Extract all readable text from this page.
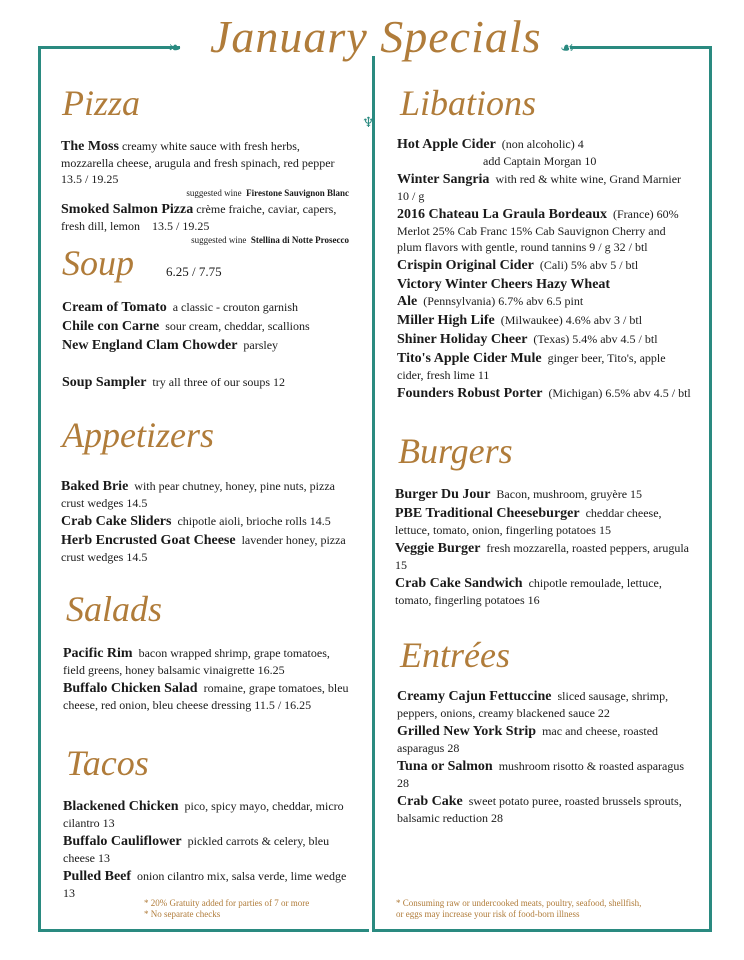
❧	☙
♆
January Specials
Pizza
The Moss creamy white sauce with fresh herbs, mozzarella cheese, arugula and fresh spinach, red pepper 13.5 / 19.25
suggested wine Firestone Sauvignon Blanc
Smoked Salmon Pizza crème fraiche, caviar, capers, fresh dill, lemon 13.5 / 19.25
suggested wine Stellina di Notte Prosecco
Soup 6.25 / 7.75
Cream of Tomato a classic - crouton garnish
Chile con Carne sour cream, cheddar, scallions
New England Clam Chowder parsley
Soup Sampler try all three of our soups 12
Appetizers
Baked Brie with pear chutney, honey, pine nuts, pizza crust wedges 14.5
Crab Cake Sliders chipotle aioli, brioche rolls 14.5
Herb Encrusted Goat Cheese lavender honey, pizza crust wedges 14.5
Salads
Pacific Rim bacon wrapped shrimp, grape tomatoes, field greens, honey balsamic vinaigrette 16.25
Buffalo Chicken Salad romaine, grape tomatoes, bleu cheese, red onion, bleu cheese dressing 11.5 / 16.25
Tacos
Blackened Chicken pico, spicy mayo, cheddar, micro cilantro 13
Buffalo Cauliflower pickled carrots & celery, bleu cheese 13
Pulled Beef onion cilantro mix, salsa verde, lime wedge 13
* 20% Gratuity added for parties of 7 or more
* No separate checks
Libations
Hot Apple Cider (non alcoholic) 4
add Captain Morgan 10
Winter Sangria with red & white wine, Grand Marnier 10 / g
2016 Chateau La Graula Bordeaux (France) 60% Merlot 25% Cab Franc 15% Cab Sauvignon Cherry and plum flavors with gentle, round tannins 9 / g 32 / btl
Crispin Original Cider (Cali) 5% abv 5 / btl
Victory Winter Cheers Hazy Wheat Ale (Pennsylvania) 6.7% abv 6.5 pint
Miller High Life (Milwaukee) 4.6% abv 3 / btl
Shiner Holiday Cheer (Texas) 5.4% abv 4.5 / btl
Tito's Apple Cider Mule ginger beer, Tito's, apple cider, fresh lime 11
Founders Robust Porter (Michigan) 6.5% abv 4.5 / btl
Burgers
Burger Du Jour Bacon, mushroom, gruyère 15
PBE Traditional Cheeseburger cheddar cheese, lettuce, tomato, onion, fingerling potatoes 15
Veggie Burger fresh mozzarella, roasted peppers, arugula 15
Crab Cake Sandwich chipotle remoulade, lettuce, tomato, fingerling potatoes 16
Entrées
Creamy Cajun Fettuccine sliced sausage, shrimp, peppers, onions, creamy blackened sauce 22
Grilled New York Strip mac and cheese, roasted asparagus 28
Tuna or Salmon mushroom risotto & roasted asparagus 28
Crab Cake sweet potato puree, roasted brussels sprouts, balsamic reduction 28
* Consuming raw or undercooked meats, poultry, seafood, shellfish,
or eggs may increase your risk of food-born illness
